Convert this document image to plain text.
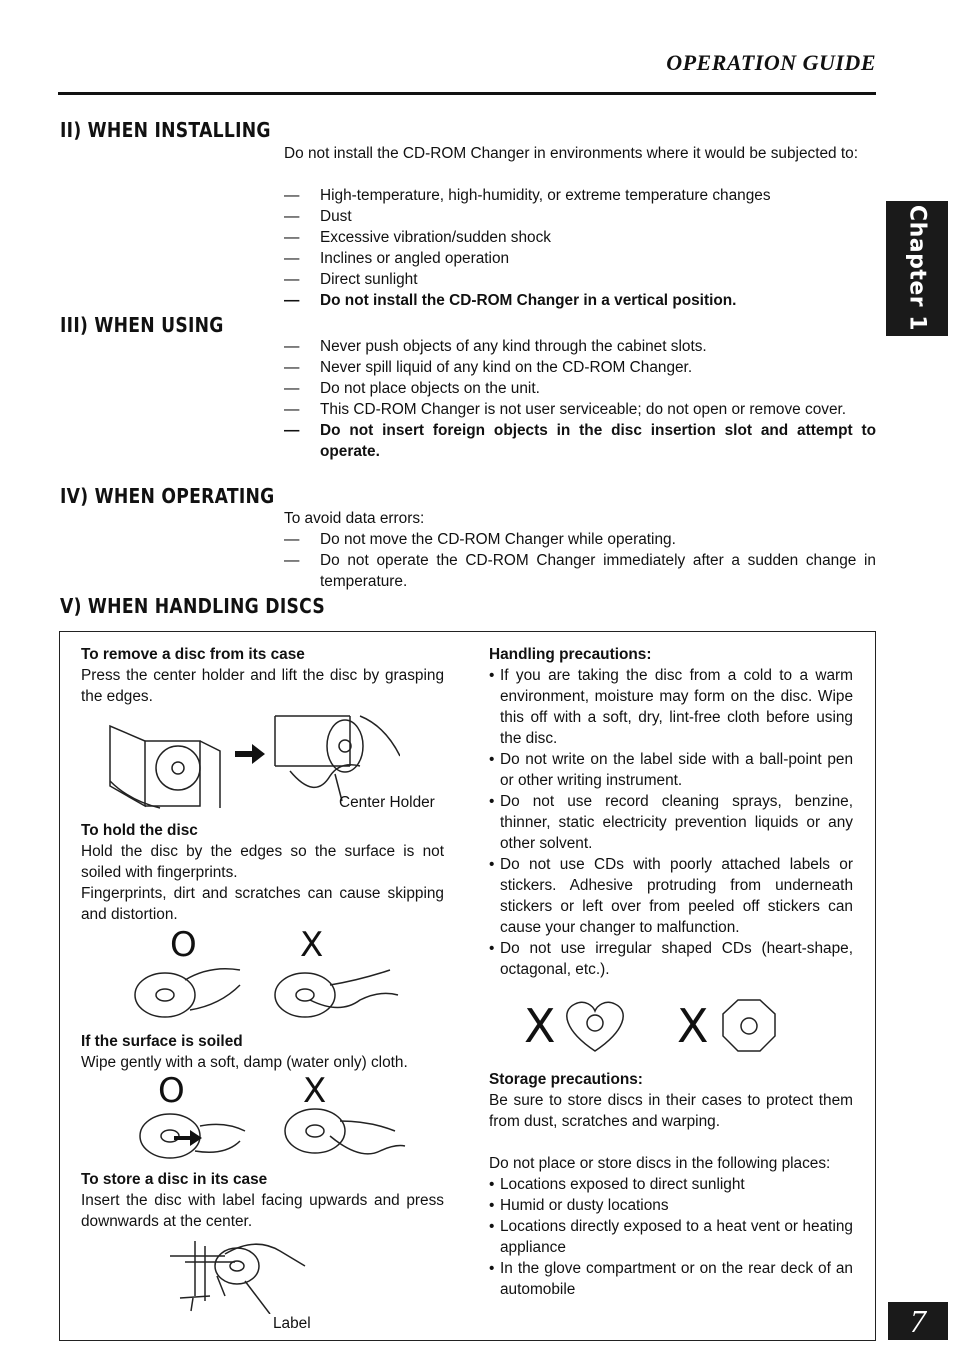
OPERATION GUIDE
Chapter 1
II) WHEN INSTALLING

Do not install the CD-ROM Changer in environments where it would be subjected to:

— High-temperature, high-humidity, or extreme temperature changes
— Dust
— Excessive vibration/sudden shock
— Inclines or angled operation
— Direct sunlight
— Do not install the CD-ROM Changer in a vertical position.
III) WHEN USING
— Never push objects of any kind through the cabinet slots.
— Never spill liquid of any kind on the CD-ROM Changer.
— Do not place objects on the unit.
— This CD-ROM Changer is not user serviceable; do not open or remove cover.
— Do not insert foreign objects in the disc insertion slot and attempt to operate.
IV) WHEN OPERATING

To avoid data errors:

— Do not move the CD-ROM Changer while operating.
— Do not operate the CD-ROM Changer immediately after a sudden change in temperature.
V) WHEN HANDLING DISCS

To remove a disc from its case

Press the center holder and lift the disc by grasping the edges.

Center Holder

To hold the disc

Hold the disc by the edges so the surface is not soiled with fingerprints.

Fingerprints, dirt and scratches can cause skipping and distortion.

O	X

If the surface is soiled

Wipe gently with a soft, damp (water only) cloth.

O	X

To store a disc in its case

Insert the disc with label facing upwards and press downwards at the center.

Label

Handling precautions:

• If you are taking the disc from a cold to a warm environment, moisture may form on the disc. Wipe this off with a soft, dry, lint-free cloth before using the disc.
• Do not write on the label side with a ball-point pen or other writing instrument.
• Do not use record cleaning sprays, benzine, thinner, static electricity prevention liquids or any other solvent.
• Do not use CDs with poorly attached labels or stickers. Adhesive protruding from underneath stickers or left over from peeled off stickers can cause your changer to malfunction.
• Do not use irregular shaped CDs (heart-shape, octagonal, etc.).
X	X

Storage precautions:

Be sure to store discs in their cases to protect them from dust, scratches and warping.

Do not place or store discs in the following places:

• Locations exposed to direct sunlight
• Humid or dusty locations
• Locations directly exposed to a heat vent or heating appliance
• In the glove compartment or on the rear deck of an automobile
7
